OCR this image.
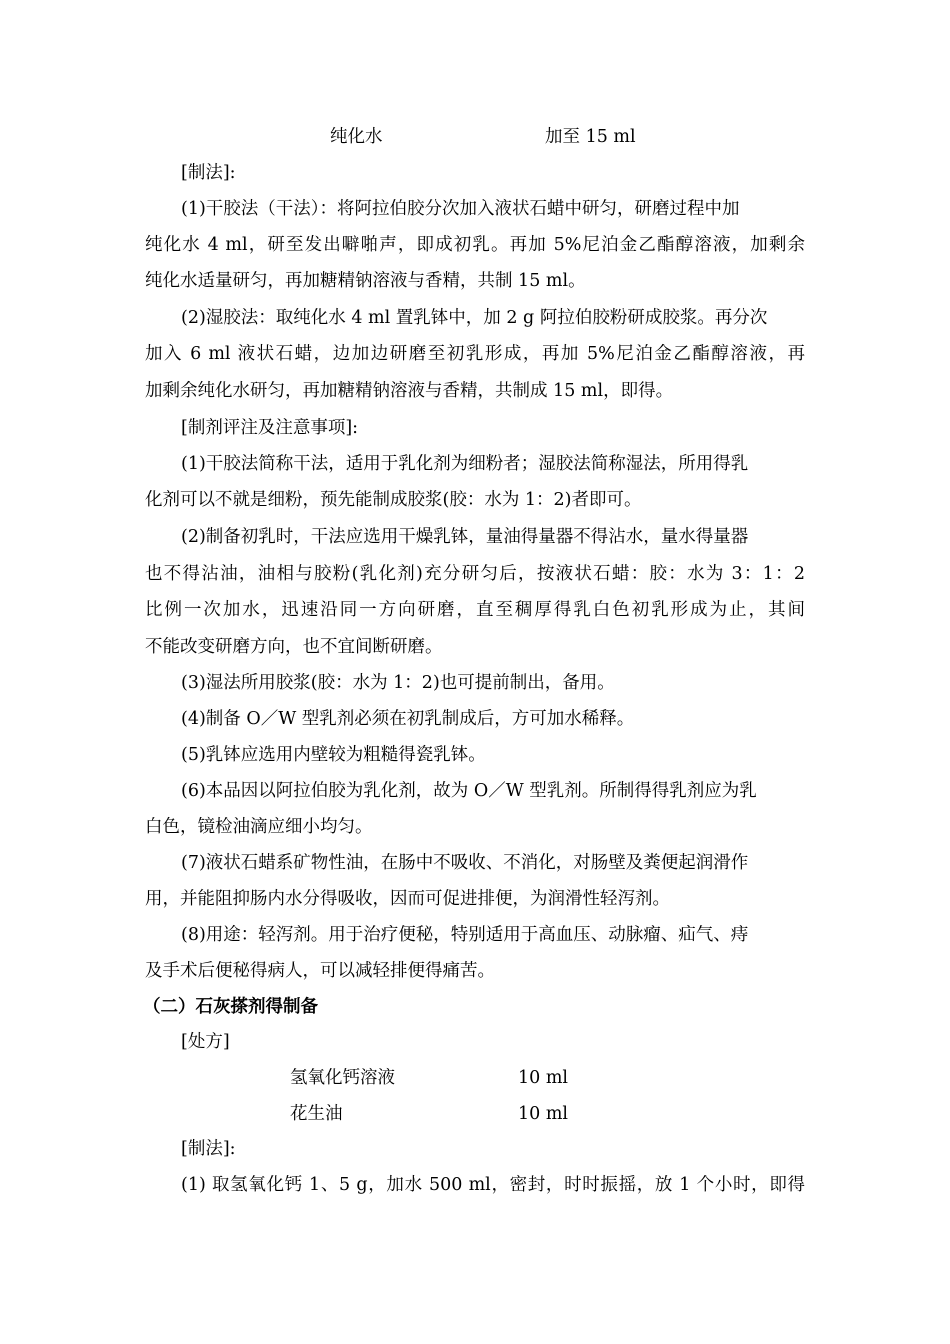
纯化水	加至 15 ml
[制法]:
(1)干胶法（干法）：将阿拉伯胶分次加入液状石蜡中研匀，研磨过程中加
纯化水 4 ml，研至发出噼啪声，即成初乳。再加 5%尼泊金乙酯醇溶液，加剩余
纯化水适量研匀，再加糖精钠溶液与香精，共制 15 ml。
(2)湿胶法：取纯化水 4 ml 置乳钵中，加 2 g 阿拉伯胶粉研成胶浆。再分次
加入 6 ml 液状石蜡，边加边研磨至初乳形成，再加 5%尼泊金乙酯醇溶液，再
加剩余纯化水研匀，再加糖精钠溶液与香精，共制成 15 ml，即得。
[制剂评注及注意事项]:
(1)干胶法简称干法，适用于乳化剂为细粉者；湿胶法简称湿法，所用得乳
化剂可以不就是细粉，预先能制成胶浆(胶：水为 1：2)者即可。
(2)制备初乳时，干法应选用干燥乳钵，量油得量器不得沾水，量水得量器
也不得沾油，油相与胶粉(乳化剂)充分研匀后，按液状石蜡：胶：水为 3：1：2
比例一次加水，迅速沿同一方向研磨，直至稠厚得乳白色初乳形成为止，其间
不能改变研磨方向，也不宜间断研磨。
(3)湿法所用胶浆(胶：水为 1：2)也可提前制出，备用。
(4)制备 O／W 型乳剂必须在初乳制成后，方可加水稀释。
(5)乳钵应选用内壁较为粗糙得瓷乳钵。
(6)本品因以阿拉伯胶为乳化剂，故为 O／W 型乳剂。所制得得乳剂应为乳
白色，镜检油滴应细小均匀。
(7)液状石蜡系矿物性油，在肠中不吸收、不消化，对肠壁及粪便起润滑作
用，并能阻抑肠内水分得吸收，因而可促进排便，为润滑性轻泻剂。
(8)用途：轻泻剂。用于治疗便秘，特别适用于高血压、动脉瘤、疝气、痔
及手术后便秘得病人，可以减轻排便得痛苦。
（二）石灰搽剂得制备
[处方]
氢氧化钙溶液	10 ml
花生油	10 ml
[制法]:
(1) 取氢氧化钙 1、5 g，加水 500 ml，密封，时时振摇，放 1 个小时，即得
